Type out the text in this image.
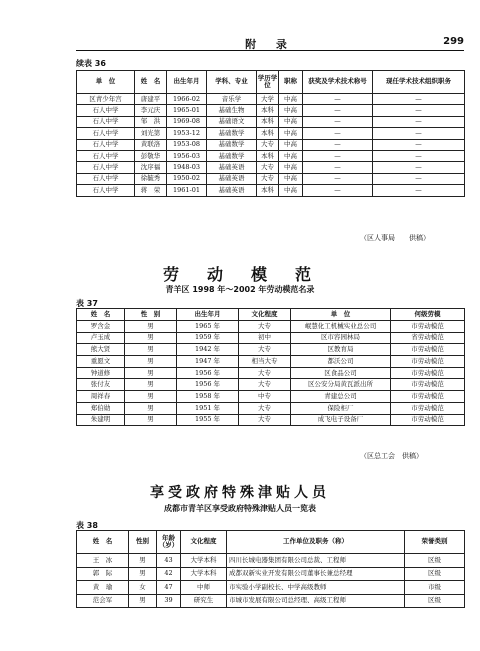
附 录	299
续表 36
单　位	姓　名	出生年月	学科、专业	学历学位	职称	获奖及学术技术称号	现任学术技术组织职务
区青少年宫	唐建平	1966-02	音乐学	大学	中高	—	—
石人中学	李元庆	1965-01	基础生物	本科	中高	—	—
石人中学	邹　洪	1969-08	基础语文	本科	中高	—	—
石人中学	刘光第	1953-12	基础数学	本科	中高	—	—
石人中学	黄联洛	1953-08	基础数学	大专	中高	—	—
石人中学	彭敬华	1956-03	基础数学	本科	中高	—	—
石人中学	沈序福	1948-03	基础英语	大专	中高	—	—
石人中学	徐毓秀	1950-02	基础英语	大专	中高	—	—
石人中学	蒋　荣	1961-01	基础英语	本科	中高	—	—
（区人事局　　供稿）
劳　动　模　范
青羊区 1998 年～2002 年劳动模范名录
表 37
姓　名	性　别	出生年月	文化程度	单　位	何级劳模
罗含金	男	1965 年	大专	岷慧化工机械实业总公司	市劳动模范
卢玉成	男	1959 年	初中	区市容园林局	省劳动模范
熊大贤	男	1942 年	大专	区教育局	市劳动模范
重愿文	男	1947 年	相当大专	都沃公司	市劳动模范
钟道修	男	1956 年	大专	区食品公司	市劳动模范
张付友	男	1956 年	大专	区公安分局黄瓦派出所	市劳动模范
周祥春	男	1958 年	中专	青建总公司	市劳动模范
郑伯勋	男	1951 年	大专	保险柜厂	市劳动模范
朱建明	男	1955 年	大专	成飞电子设备厂	市劳动模范
（区总工会　供稿）
享受政府特殊津贴人员
成都市青羊区享受政府特殊津贴人员一览表
表 38
姓　名	性别	年龄（岁）	文化程度	工作单位及职务（称）	荣誉类别
王　冰	男	43	大学本科	四川长城电器集团有限公司总裁、工程师	区级
郭　际	男	42	大学本科	成都双新实业开发有限公司董事长兼总经理	区级
黄　瑜	女	47	中师	市实验小学副校长、中学高级教师	市级
范会军	男	39	研究生	市城市发展有限公司总经理、高级工程师	区级
